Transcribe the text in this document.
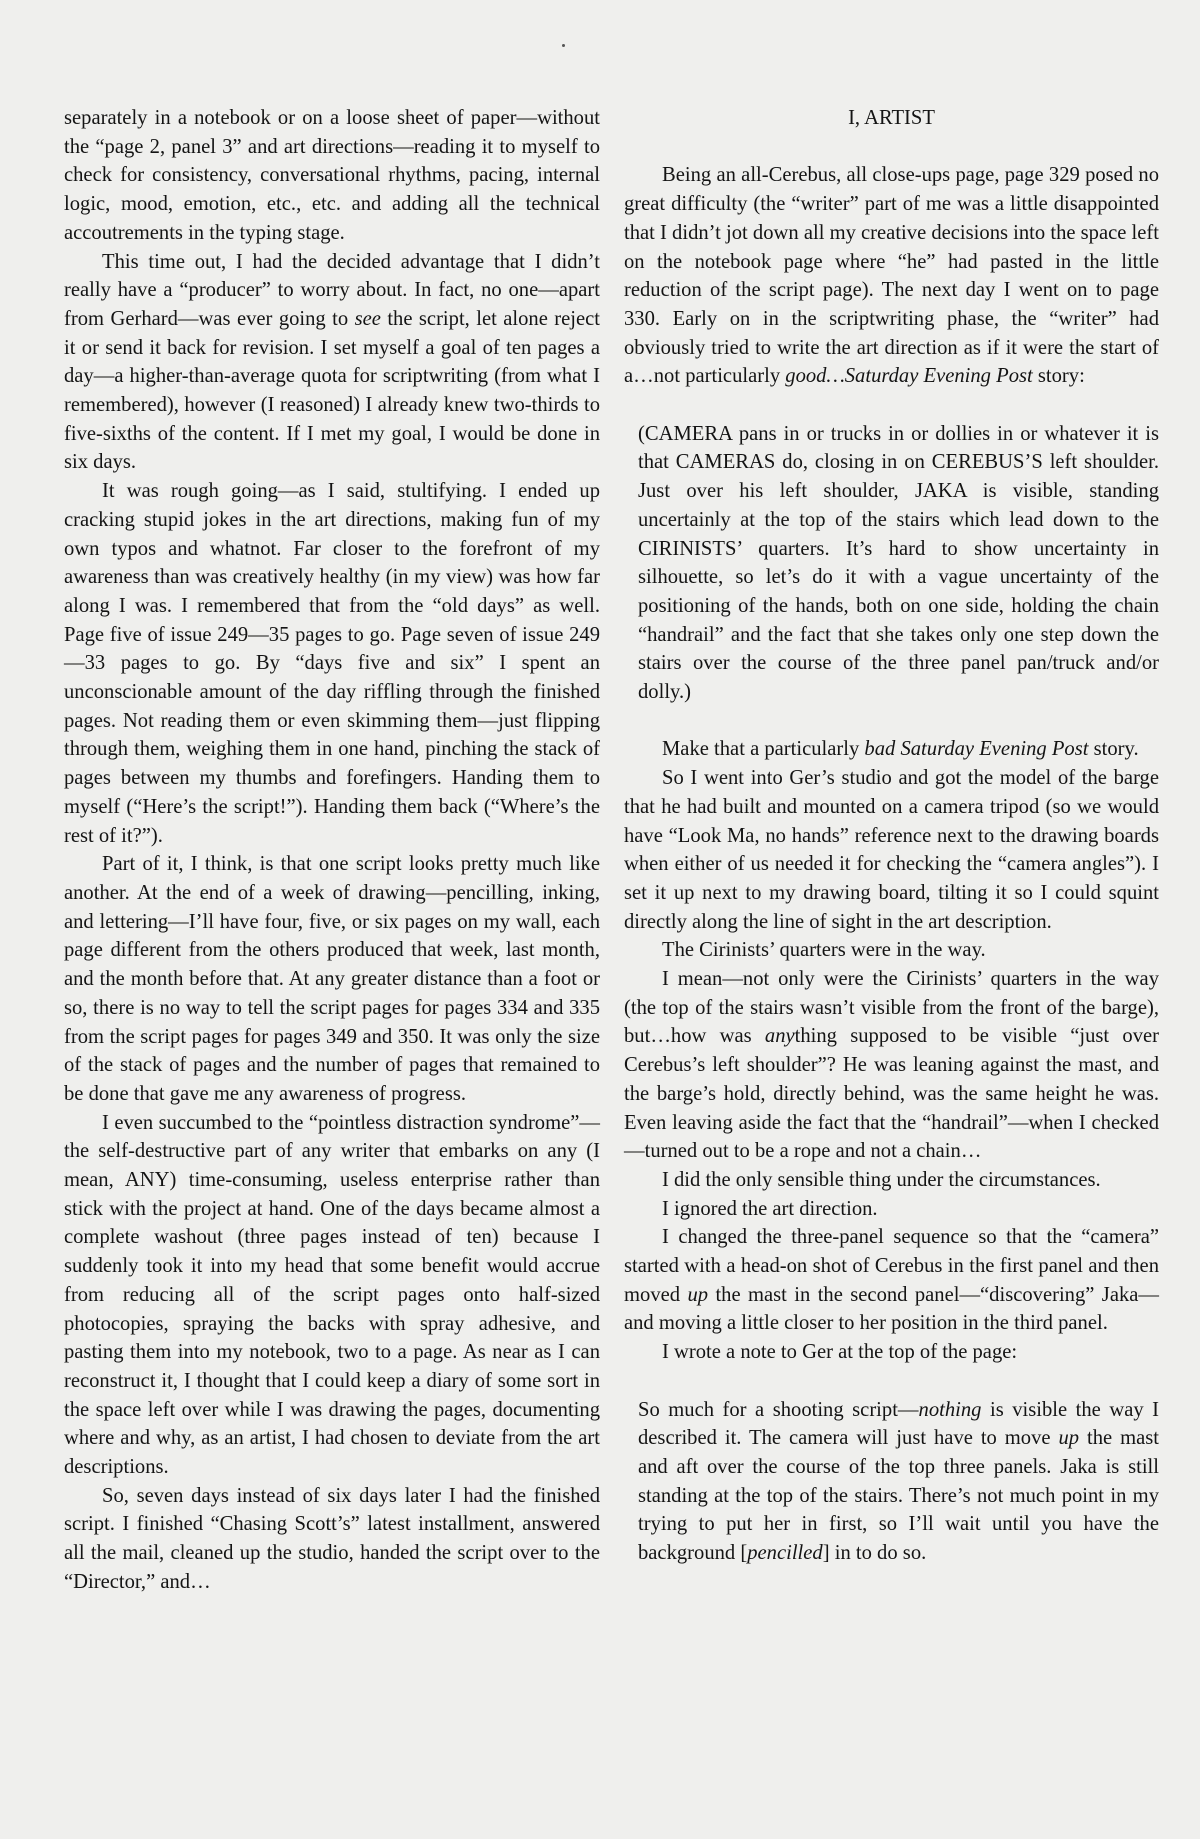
separately in a notebook or on a loose sheet of paper—without the “page 2, panel 3” and art directions—reading it to myself to check for consistency, conversational rhythms, pacing, internal logic, mood, emotion, etc., etc. and adding all the technical accoutrements in the typing stage.

This time out, I had the decided advantage that I didn’t really have a “producer” to worry about. In fact, no one—apart from Gerhard—was ever going to see the script, let alone reject it or send it back for revision. I set myself a goal of ten pages a day—a higher-than-average quota for scriptwriting (from what I remembered), however (I reasoned) I already knew two-thirds to five-sixths of the content. If I met my goal, I would be done in six days.

It was rough going—as I said, stultifying. I ended up cracking stupid jokes in the art directions, making fun of my own typos and whatnot. Far closer to the forefront of my awareness than was creatively healthy (in my view) was how far along I was. I remembered that from the “old days” as well. Page five of issue 249—35 pages to go. Page seven of issue 249—33 pages to go. By “days five and six” I spent an unconscionable amount of the day riffling through the finished pages. Not reading them or even skimming them—just flipping through them, weighing them in one hand, pinching the stack of pages between my thumbs and forefingers. Handing them to myself (“Here’s the script!”). Handing them back (“Where’s the rest of it?”).

Part of it, I think, is that one script looks pretty much like another. At the end of a week of drawing—pencilling, inking, and lettering—I’ll have four, five, or six pages on my wall, each page different from the others produced that week, last month, and the month before that. At any greater distance than a foot or so, there is no way to tell the script pages for pages 334 and 335 from the script pages for pages 349 and 350. It was only the size of the stack of pages and the number of pages that remained to be done that gave me any awareness of progress.

I even succumbed to the “pointless distraction syndrome”—the self-destructive part of any writer that embarks on any (I mean, ANY) time-consuming, useless enterprise rather than stick with the project at hand. One of the days became almost a complete washout (three pages instead of ten) because I suddenly took it into my head that some benefit would accrue from reducing all of the script pages onto half-sized photocopies, spraying the backs with spray adhesive, and pasting them into my notebook, two to a page. As near as I can reconstruct it, I thought that I could keep a diary of some sort in the space left over while I was drawing the pages, documenting where and why, as an artist, I had chosen to deviate from the art descriptions.

So, seven days instead of six days later I had the finished script. I finished “Chasing Scott’s” latest installment, answered all the mail, cleaned up the studio, handed the script over to the “Director,” and…

I, ARTIST

Being an all-Cerebus, all close-ups page, page 329 posed no great difficulty (the “writer” part of me was a little disappointed that I didn’t jot down all my creative decisions into the space left on the notebook page where “he” had pasted in the little reduction of the script page). The next day I went on to page 330. Early on in the scriptwriting phase, the “writer” had obviously tried to write the art direction as if it were the start of a…not particularly good…Saturday Evening Post story:

(CAMERA pans in or trucks in or dollies in or whatever it is that CAMERAS do, closing in on CEREBUS’S left shoulder. Just over his left shoulder, JAKA is visible, standing uncertainly at the top of the stairs which lead down to the CIRINISTS’ quarters. It’s hard to show uncertainty in silhouette, so let’s do it with a vague uncertainty of the positioning of the hands, both on one side, holding the chain “handrail” and the fact that she takes only one step down the stairs over the course of the three panel pan/truck and/or dolly.)

Make that a particularly bad Saturday Evening Post story.

So I went into Ger’s studio and got the model of the barge that he had built and mounted on a camera tripod (so we would have “Look Ma, no hands” reference next to the drawing boards when either of us needed it for checking the “camera angles”). I set it up next to my drawing board, tilting it so I could squint directly along the line of sight in the art description.

The Cirinists’ quarters were in the way.

I mean—not only were the Cirinists’ quarters in the way (the top of the stairs wasn’t visible from the front of the barge), but…how was anything supposed to be visible “just over Cerebus’s left shoulder”? He was leaning against the mast, and the barge’s hold, directly behind, was the same height he was. Even leaving aside the fact that the “handrail”—when I checked—turned out to be a rope and not a chain…

I did the only sensible thing under the circumstances.

I ignored the art direction.

I changed the three-panel sequence so that the “camera” started with a head-on shot of Cerebus in the first panel and then moved up the mast in the second panel—“discovering” Jaka—and moving a little closer to her position in the third panel.

I wrote a note to Ger at the top of the page:

So much for a shooting script—nothing is visible the way I described it. The camera will just have to move up the mast and aft over the course of the top three panels. Jaka is still standing at the top of the stairs. There’s not much point in my trying to put her in first, so I’ll wait until you have the background [pencilled] in to do so.
